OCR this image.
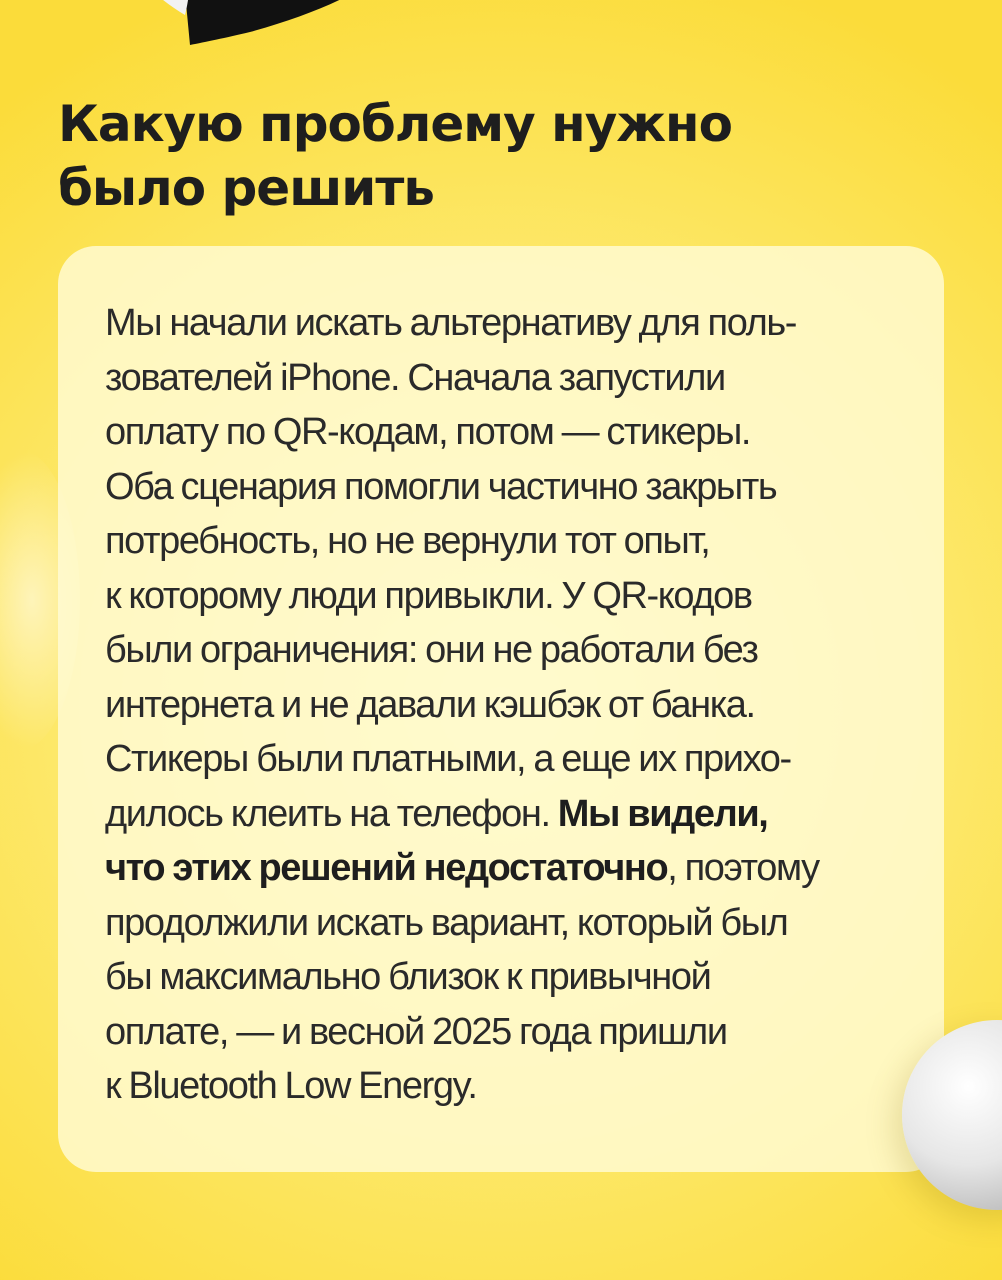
Какую проблему нужно
было решить

Мы начали искать альтернативу для поль-
зователей iPhone. Сначала запустили
оплату по QR-кодам, потом — стикеры.
Оба сценария помогли частично закрыть
потребность, но не вернули тот опыт,
к которому люди привыкли. У QR-кодов
были ограничения: они не работали без
интернета и не давали кэшбэк от банка.
Стикеры были платными, а еще их прихо-
дилось клеить на телефон. Мы видели,
что этих решений недостаточно, поэтому
продолжили искать вариант, который был
бы максимально близок к привычной
оплате, — и весной 2025 года пришли
к Bluetooth Low Energy.
